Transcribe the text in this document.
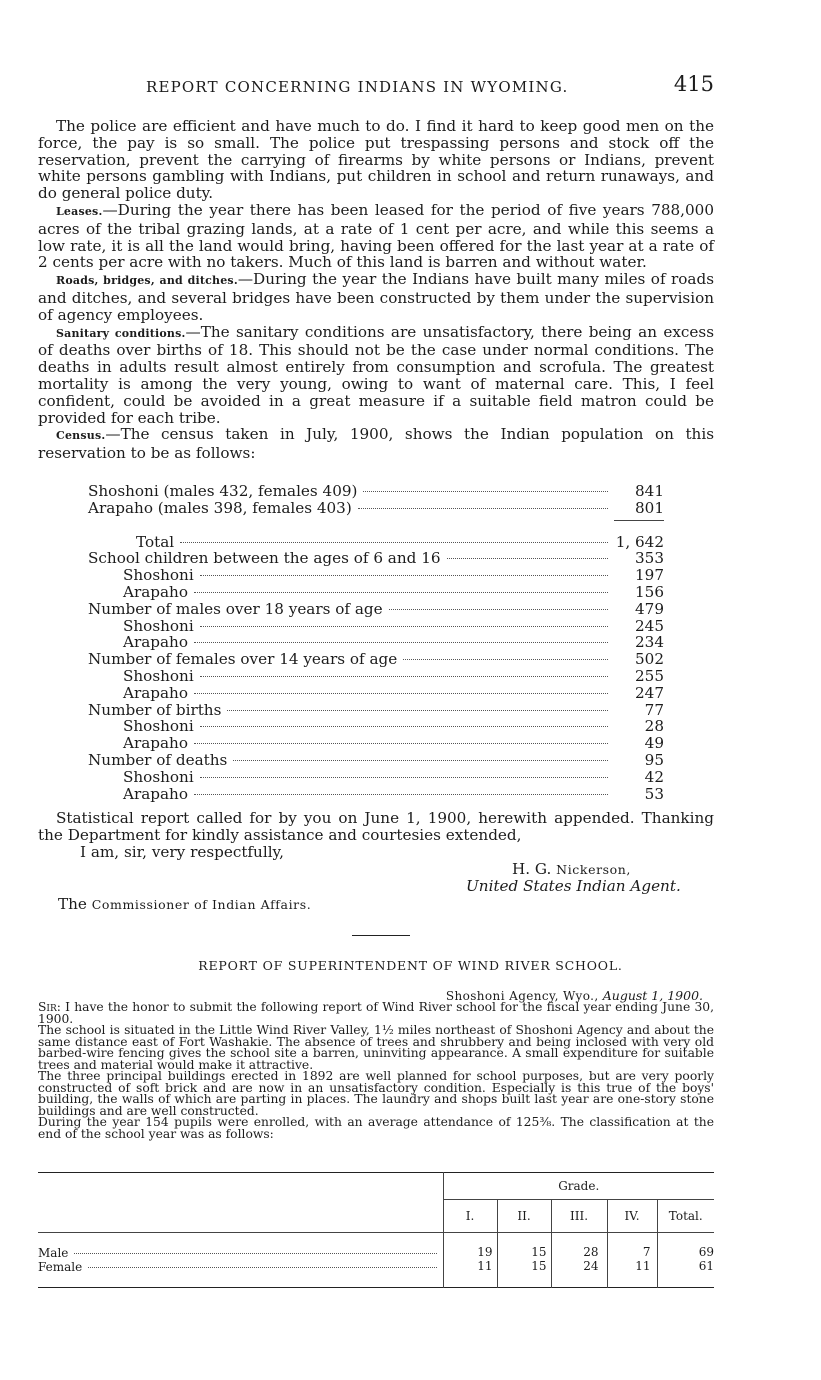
REPORT CONCERNING INDIANS IN WYOMING.	415

The police are efficient and have much to do. I find it hard to keep good men on the force, the pay is so small. The police put trespassing persons and stock off the reservation, prevent the carrying of firearms by white persons or Indians, prevent white persons gambling with Indians, put children in school and return runaways, and do general police duty.

Leases.—During the year there has been leased for the period of five years 788,000 acres of the tribal grazing lands, at a rate of 1 cent per acre, and while this seems a low rate, it is all the land would bring, having been offered for the last year at a rate of 2 cents per acre with no takers. Much of this land is barren and without water.

Roads, bridges, and ditches.—During the year the Indians have built many miles of roads and ditches, and several bridges have been constructed by them under the supervision of agency employees.

Sanitary conditions.—The sanitary conditions are unsatisfactory, there being an excess of deaths over births of 18. This should not be the case under normal conditions. The deaths in adults result almost entirely from consumption and scrofula. The greatest mortality is among the very young, owing to want of maternal care. This, I feel confident, could be avoided in a great measure if a suitable field matron could be provided for each tribe.

Census.—The census taken in July, 1900, shows the Indian population on this reservation to be as follows:

Shoshoni (males 432, females 409)	841
Arapaho (males 398, females 403)	801
Total	1, 642
School children between the ages of 6 and 16	353
Shoshoni	197
Arapaho	156
Number of males over 18 years of age	479
Shoshoni	245
Arapaho	234
Number of females over 14 years of age	502
Shoshoni	255
Arapaho	247
Number of births	77
Shoshoni	28
Arapaho	49
Number of deaths	95
Shoshoni	42
Arapaho	53

Statistical report called for by you on June 1, 1900, herewith appended. Thanking the Department for kindly assistance and courtesies extended,

I am, sir, very respectfully,
H. G. Nickerson,
United States Indian Agent.
The Commissioner of Indian Affairs.
REPORT OF SUPERINTENDENT OF WIND RIVER SCHOOL.
Shoshoni Agency, Wyo., August 1, 1900.

Sir: I have the honor to submit the following report of Wind River school for the fiscal year ending June 30, 1900.

The school is situated in the Little Wind River Valley, 1½ miles northeast of Shoshoni Agency and about the same distance east of Fort Washakie. The absence of trees and shrubbery and being inclosed with very old barbed-wire fencing gives the school site a barren, uninviting appearance. A small expenditure for suitable trees and material would make it attractive.

The three principal buildings erected in 1892 are well planned for school purposes, but are very poorly constructed of soft brick and are now in an unsatisfactory condition. Especially is this true of the boys' building, the walls of which are parting in places. The laundry and shops built last year are one-story stone buildings and are well constructed.

During the year 154 pupils were enrolled, with an average attendance of 125⅜. The classification at the end of the school year was as follows:

	Grade.				
	I.	II.	III.	IV.	Total.

Male	19	15	28	7	69

Female	11	15	24	11	61
